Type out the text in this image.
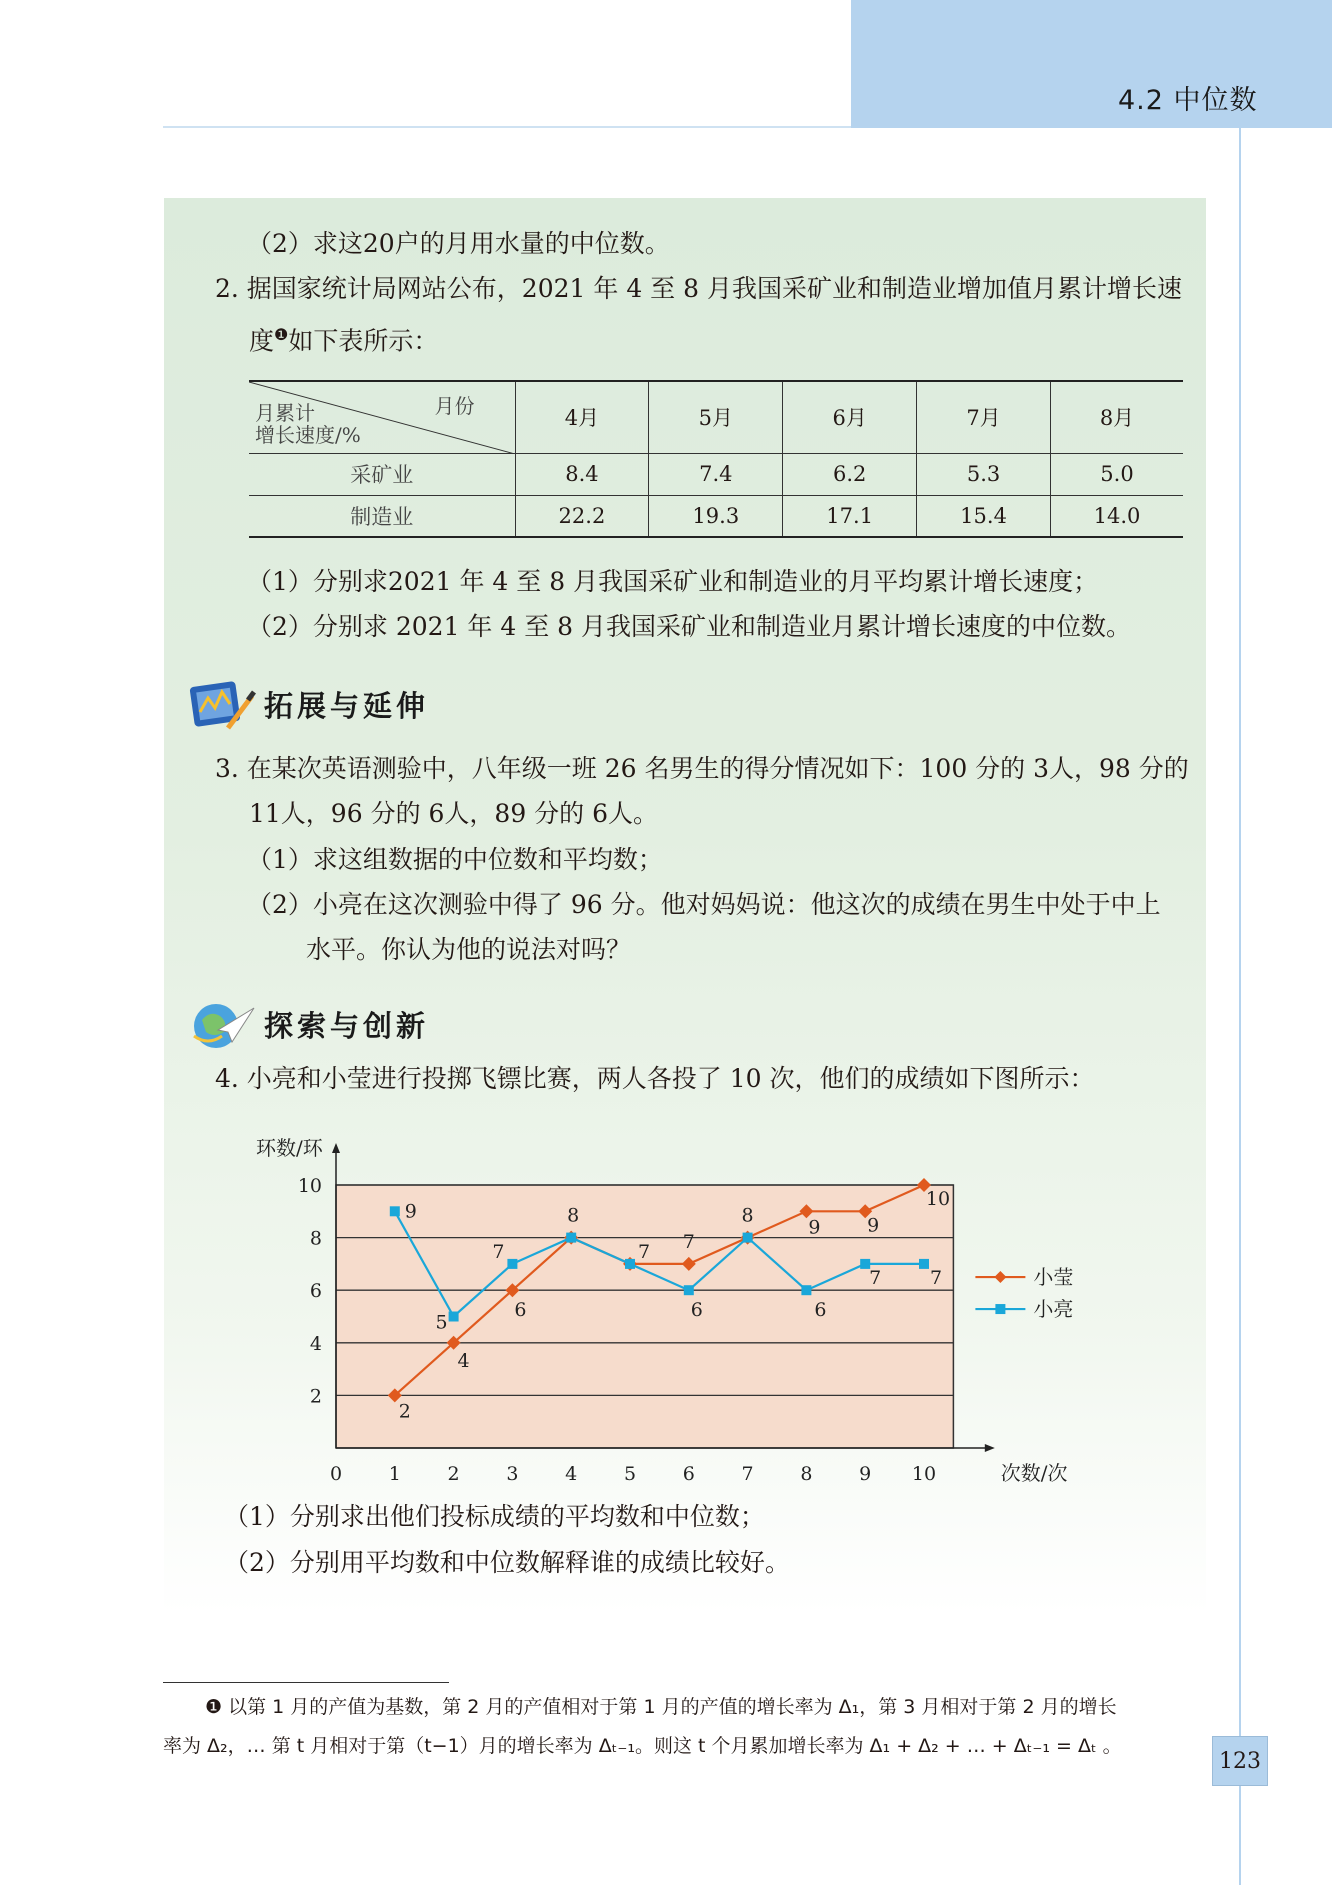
4.2 中位数
（2）求这20户的月用水量的中位数。
2. 据国家统计局网站公布，2021 年 4 至 8 月我国采矿业和制造业增加值月累计增长速
度$^❶$如下表所示：
月份
月累计
增长速度/%	4月	5月	6月	7月	8月
采矿业	8.4	7.4	6.2	5.3	5.0
制造业	22.2	19.3	17.1	15.4	14.0
（1）分别求2021 年 4 至 8 月我国采矿业和制造业的月平均累计增长速度；
（2）分别求 2021 年 4 至 8 月我国采矿业和制造业月累计增长速度的中位数。
拓展与延伸
3. 在某次英语测验中，八年级一班 26 名男生的得分情况如下：100 分的 3人，98 分的
11人，96 分的 6人，89 分的 6人。
（1）求这组数据的中位数和平均数；
（2）小亮在这次测验中得了 96 分。他对妈妈说：他这次的成绩在男生中处于中上
水平。你认为他的说法对吗？
探索与创新
4. 小亮和小莹进行投掷飞镖比赛，两人各投了 10 次，他们的成绩如下图所示：
0 1 2 3 4 5 6 7 8 9 10
2
4
6
8
10
2
4
6
8
7 7
8
9 9
10
9
5
7
6	6
7	7	小莹
小亮
环数/环
次数/次
（1）分别求出他们投标成绩的平均数和中位数；
（2）分别用平均数和中位数解释谁的成绩比较好。
❶ 以第 1 月的产值为基数，第 2 月的产值相对于第 1 月的产值的增长率为 Δ₁，第 3 月相对于第 2 月的增长
率为 Δ₂，… 第 t 月相对于第（t−1）月的增长率为 Δₜ₋₁。则这 t 个月累加增长率为 Δ₁ + Δ₂ + … + Δₜ₋₁ = Δₜ 。
123
